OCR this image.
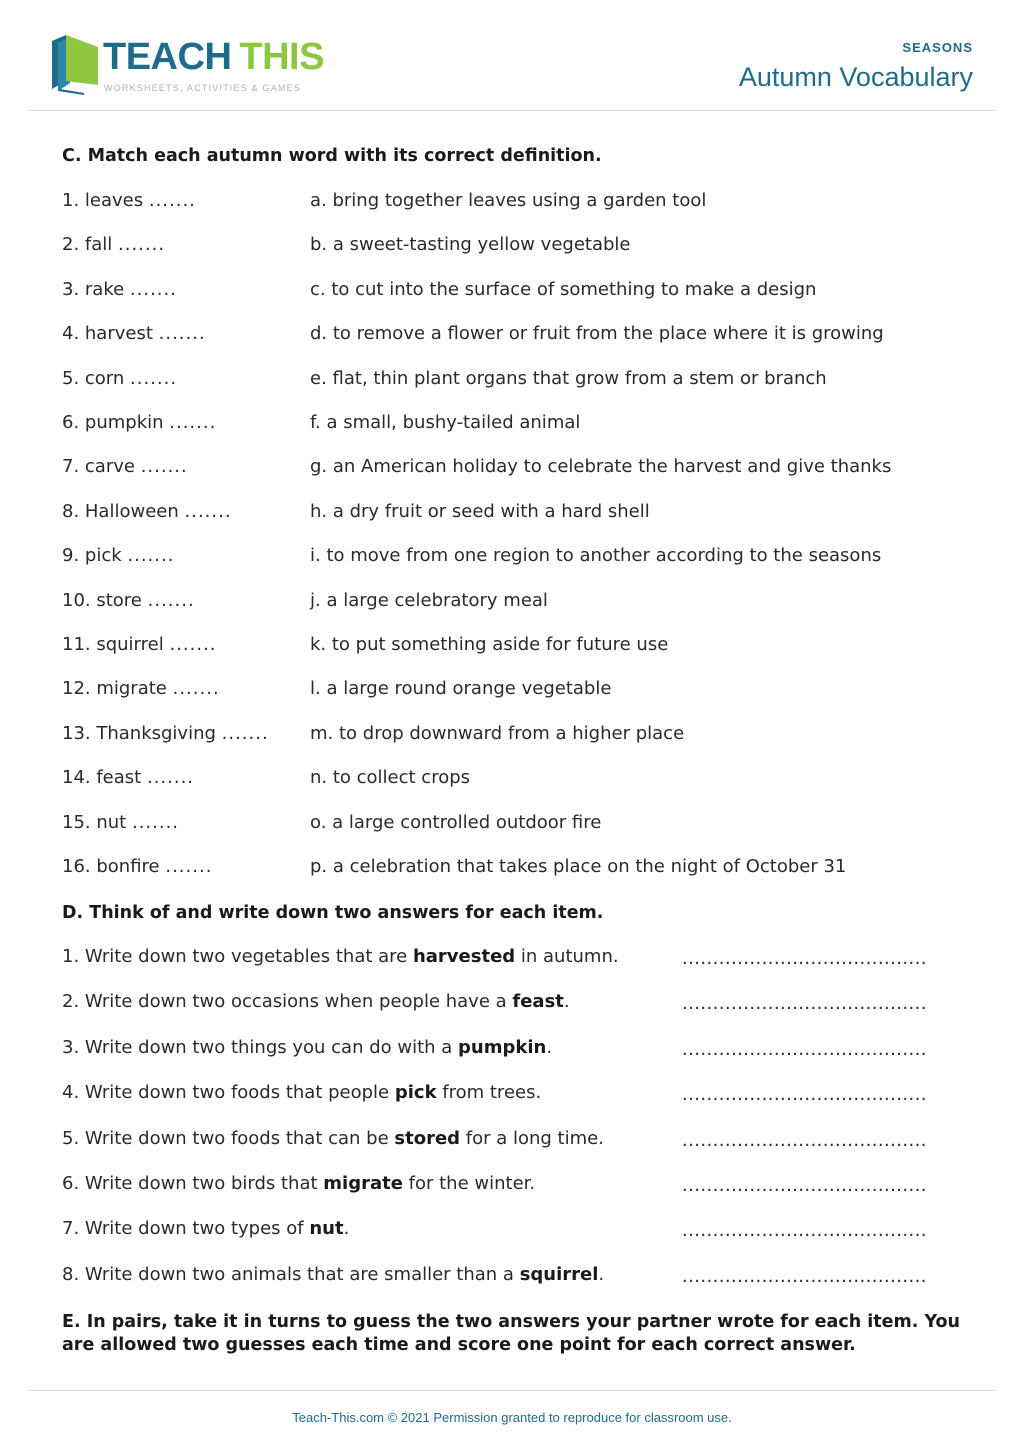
TEACH THIS
WORKSHEETS, ACTIVITIES & GAMES
SEASONS
Autumn Vocabulary
C. Match each autumn word with its correct definition.
1. leaves .......	a. bring together leaves using a garden tool
2. fall .......	b. a sweet-tasting yellow vegetable
3. rake .......	c. to cut into the surface of something to make a design
4. harvest .......	d. to remove a flower or fruit from the place where it is growing
5. corn .......	e. flat, thin plant organs that grow from a stem or branch
6. pumpkin .......	f. a small, bushy-tailed animal
7. carve .......	g. an American holiday to celebrate the harvest and give thanks
8. Halloween .......	h. a dry fruit or seed with a hard shell
9. pick .......	i. to move from one region to another according to the seasons
10. store .......	j. a large celebratory meal
11. squirrel .......	k. to put something aside for future use
12. migrate .......	l. a large round orange vegetable
13. Thanksgiving ....... m. to drop downward from a higher place
14. feast .......	n. to collect crops
15. nut .......	o. a large controlled outdoor fire
16. bonfire .......	p. a celebration that takes place on the night of October 31
D. Think of and write down two answers for each item.
1. Write down two vegetables that are harvested in autumn.	........................................
2. Write down two occasions when people have a feast.	........................................
3. Write down two things you can do with a pumpkin.	........................................
4. Write down two foods that people pick from trees.	........................................
5. Write down two foods that can be stored for a long time.	........................................
6. Write down two birds that migrate for the winter.	........................................
7. Write down two types of nut.	........................................
8. Write down two animals that are smaller than a squirrel.	........................................
E. In pairs, take it in turns to guess the two answers your partner wrote for each item. You are allowed two guesses each time and score one point for each correct answer.
Teach-This.com © 2021 Permission granted to reproduce for classroom use.
